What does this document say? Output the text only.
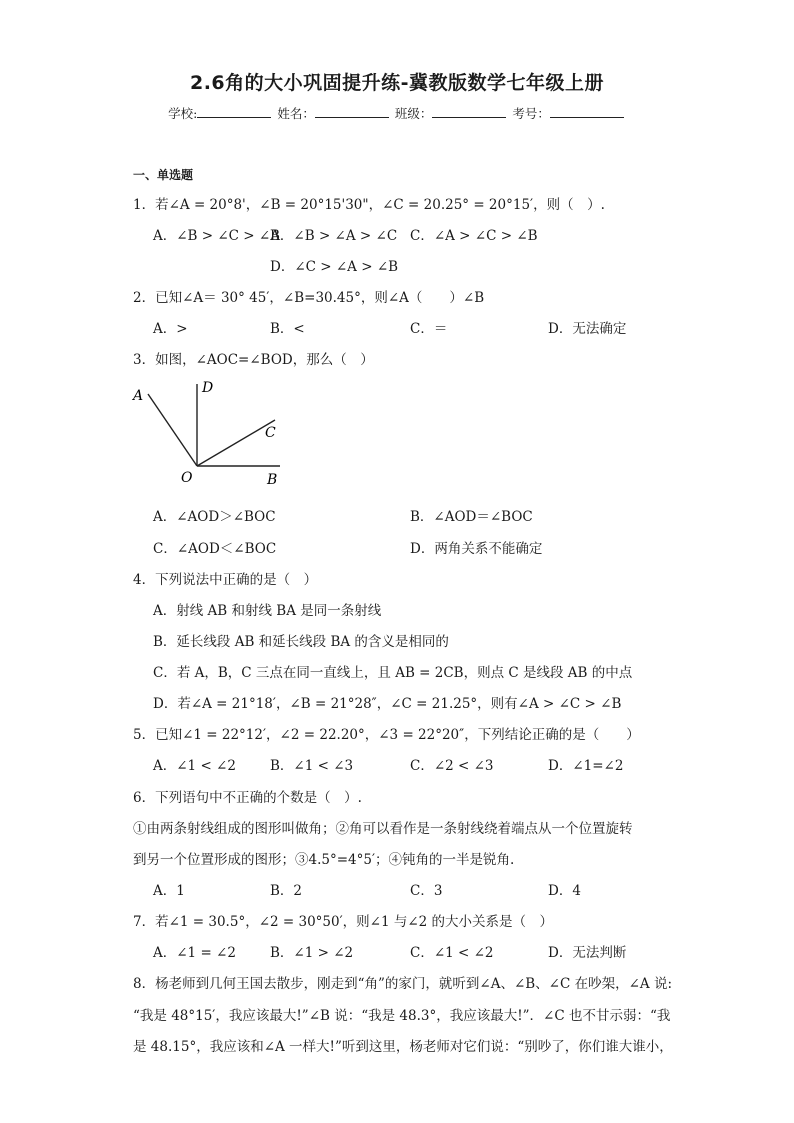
2.6角的大小巩固提升练-冀教版数学七年级上册
学校:	姓名：	班级：	考号：
一、单选题
1．若∠A = 20°8'，∠B = 20°15'30"，∠C = 20.25° = 20°15′，则（　）.
A．∠B > ∠C > ∠A
B．∠B > ∠A > ∠C C．∠A > ∠C > ∠B
D．∠C > ∠A > ∠B
2．已知∠A＝ 30° 45′，∠B=30.45°，则∠A（　　）∠B
A．>	B．<	C．＝	D．无法确定
3．如图，∠AOC=∠BOD，那么（　）
A	D
C
O	B
A．∠AOD＞∠BOC	B．∠AOD＝∠BOC
C．∠AOD＜∠BOC	D．两角关系不能确定
4．下列说法中正确的是（　）
A．射线 AB 和射线 BA 是同一条射线
B．延长线段 AB 和延长线段 BA 的含义是相同的
C．若 A，B，C 三点在同一直线上，且 AB = 2CB，则点 C 是线段 AB 的中点
D．若∠A = 21°18′，∠B = 21°28″，∠C = 21.25°，则有∠A > ∠C > ∠B
5．已知∠1 = 22°12′，∠2 = 22.20°，∠3 = 22°20″，下列结论正确的是（　　）
A．∠1 < ∠2	B．∠1 < ∠3	C．∠2 < ∠3	D．∠1=∠2
6．下列语句中不正确的个数是（　）.
①由两条射线组成的图形叫做角；②角可以看作是一条射线绕着端点从一个位置旋转
到另一个位置形成的图形；③4.5°=4°5′；④钝角的一半是锐角.
A．1	B．2	C．3	D．4
7．若∠1 = 30.5°，∠2 = 30°50′，则∠1 与∠2 的大小关系是（　）
A．∠1 = ∠2	B．∠1 > ∠2	C．∠1 < ∠2	D．无法判断
8．杨老师到几何王国去散步，刚走到“角”的家门，就听到∠A、∠B、∠C 在吵架，∠A 说:
“我是 48°15′，我应该最大!”∠B 说：“我是 48.3°，我应该最大!”．∠C 也不甘示弱：“我
是 48.15°，我应该和∠A 一样大!”听到这里，杨老师对它们说：“别吵了，你们谁大谁小，
